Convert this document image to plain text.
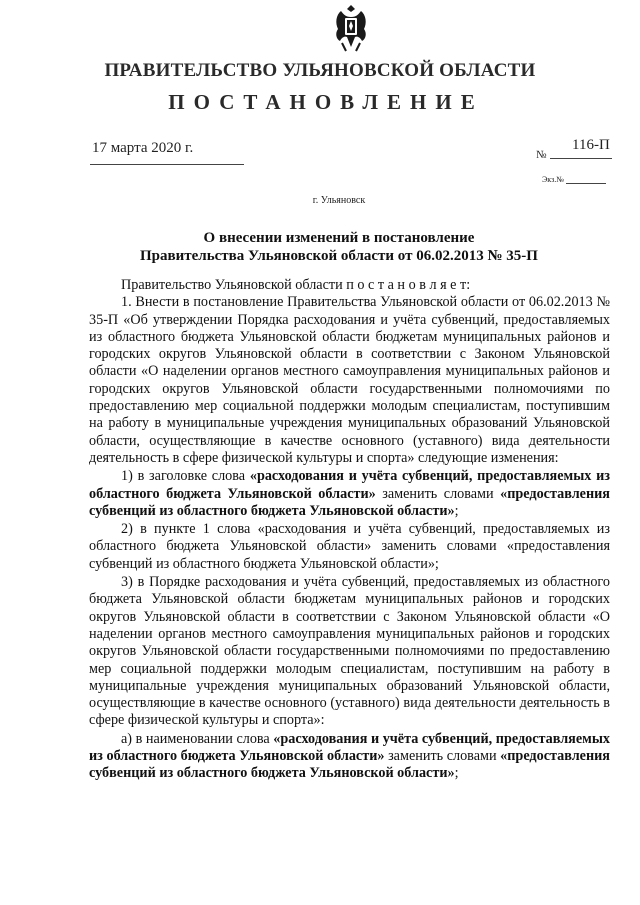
ПРАВИТЕЛЬСТВО УЛЬЯНОВСКОЙ ОБЛАСТИ
ПОСТАНОВЛЕНИЕ
17 марта 2020 г.	№
116-П
Экз.№
г. Ульяновск
О внесении изменений в постановление
Правительства Ульяновской области от 06.02.2013 № 35-П

Правительство Ульяновской области п о с т а н о в л я е т:

1. Внести в постановление Правительства Ульяновской области от 06.02.2013 № 35-П «Об утверждении Порядка расходования и учёта субвенций, предоставляемых из областного бюджета Ульяновской области бюджетам муниципальных районов и городских округов Ульяновской области в соответствии с Законом Ульяновской области «О наделении органов местного самоуправления муниципальных районов и городских округов Ульяновской области государственными полномочиями по предоставлению мер социальной поддержки молодым специалистам, поступившим на работу в муниципальные учреждения муниципальных образований Ульяновской области, осуществляющие в качестве основного (уставного) вида деятельности деятельность в сфере физической культуры и спорта» следующие изменения:

1) в заголовке слова «расходования и учёта субвенций, предоставляемых из областного бюджета Ульяновской области» заменить словами «предоставления субвенций из областного бюджета Ульяновской области»;

2) в пункте 1 слова «расходования и учёта субвенций, предоставляемых из областного бюджета Ульяновской области» заменить словами «предоставления субвенций из областного бюджета Ульяновской области»;

3) в Порядке расходования и учёта субвенций, предоставляемых из областного бюджета Ульяновской области бюджетам муниципальных районов и городских округов Ульяновской области в соответствии с Законом Ульяновской области «О наделении органов местного самоуправления муниципальных районов и городских округов Ульяновской области государственными полномочиями по предоставлению мер социальной поддержки молодым специалистам, поступившим на работу в муниципальные учреждения муниципальных образований Ульяновской области, осуществляющие в качестве основного (уставного) вида деятельности деятельность в сфере физической культуры и спорта»:

а) в наименовании слова «расходования и учёта субвенций, предоставляемых из областного бюджета Ульяновской области» заменить словами «предоставления субвенций из областного бюджета Ульяновской области»;
